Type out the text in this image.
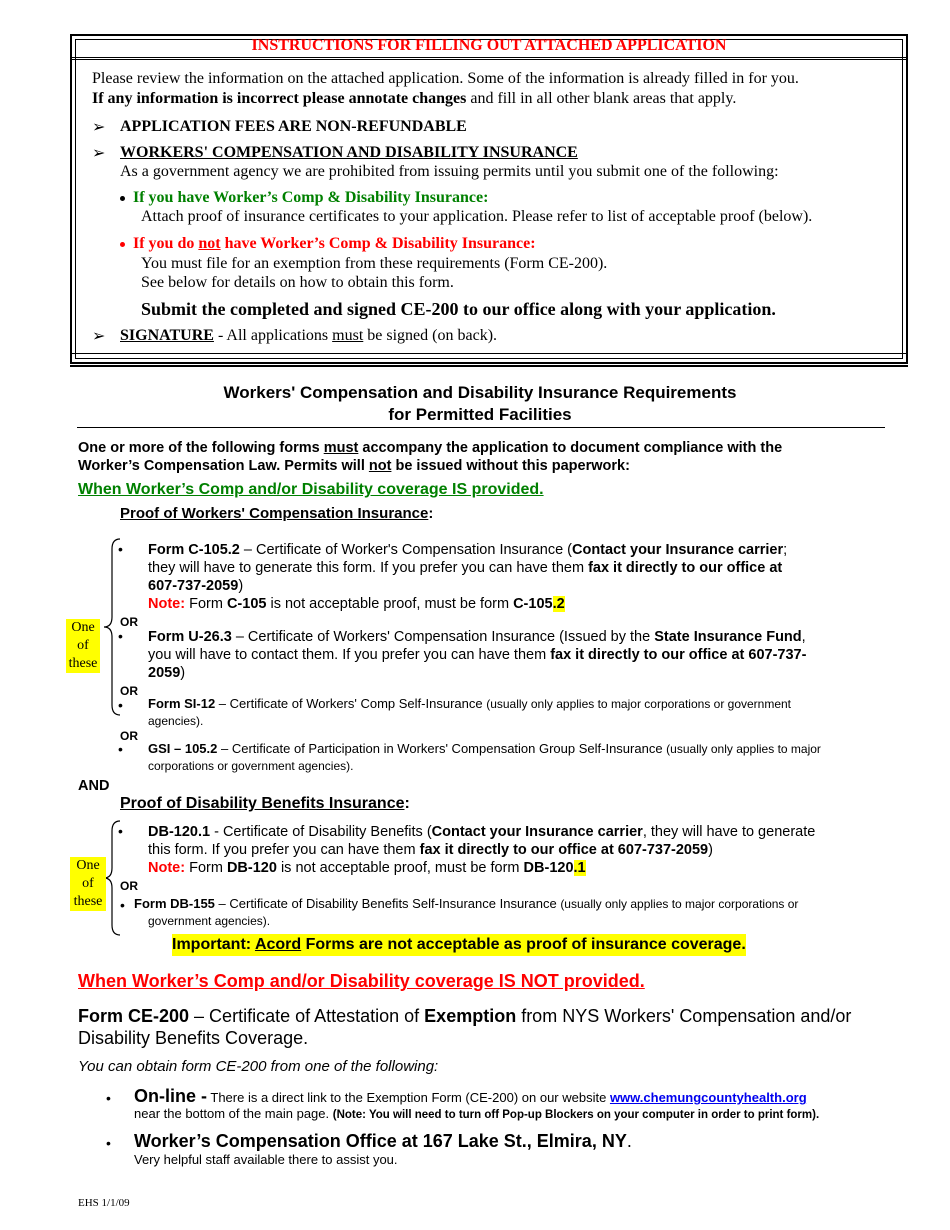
INSTRUCTIONS FOR FILLING OUT ATTACHED APPLICATION
Please review the information on the attached application. Some of the information is already filled in for you.
If any information is incorrect please annotate changes and fill in all other blank areas that apply.
➢ APPLICATION FEES ARE NON-REFUNDABLE
➢ WORKERS' COMPENSATION AND DISABILITY INSURANCE
As a government agency we are prohibited from issuing permits until you submit one of the following:
If you have Worker’s Comp & Disability Insurance:
Attach proof of insurance certificates to your application. Please refer to list of acceptable proof (below).
If you do not have Worker’s Comp & Disability Insurance:
You must file for an exemption from these requirements (Form CE-200).
See below for details on how to obtain this form.
Submit the completed and signed CE-200 to our office along with your application.
➢ SIGNATURE - All applications must be signed (on back).
Workers' Compensation and Disability Insurance Requirements
for Permitted Facilities
One or more of the following forms must accompany the application to document compliance with the
Worker’s Compensation Law. Permits will not be issued without this paperwork:
When Worker’s Comp and/or Disability coverage IS provided.
Proof of Workers' Compensation Insurance:
One
of
these
• Form C-105.2 – Certificate of Worker's Compensation Insurance (Contact your Insurance carrier;
they will have to generate this form. If you prefer you can have them fax it directly to our office at
607-737-2059)
Note: Form C-105 is not acceptable proof, must be form C-105.2
OR
• Form U-26.3 – Certificate of Workers' Compensation Insurance (Issued by the State Insurance Fund,
you will have to contact them. If you prefer you can have them fax it directly to our office at 607-737-
2059)
OR
• Form SI-12 – Certificate of Workers' Comp Self-Insurance (usually only applies to major corporations or government
agencies).
OR
• GSI – 105.2 – Certificate of Participation in Workers' Compensation Group Self-Insurance (usually only applies to major
corporations or government agencies).
AND
Proof of Disability Benefits Insurance:
One
of
these
• DB-120.1 - Certificate of Disability Benefits (Contact your Insurance carrier, they will have to generate
this form. If you prefer you can have them fax it directly to our office at 607-737-2059)
Note: Form DB-120 is not acceptable proof, must be form DB-120.1
OR
• Form DB-155 – Certificate of Disability Benefits Self-Insurance Insurance (usually only applies to major corporations or
government agencies).
Important: Acord Forms are not acceptable as proof of insurance coverage.
When Worker’s Comp and/or Disability coverage IS NOT provided.
Form CE-200 – Certificate of Attestation of Exemption from NYS Workers' Compensation and/or
Disability Benefits Coverage.
You can obtain form CE-200 from one of the following:
• On-line - There is a direct link to the Exemption Form (CE-200) on our website www.chemungcountyhealth.org
near the bottom of the main page. (Note: You will need to turn off Pop-up Blockers on your computer in order to print form).
• Worker’s Compensation Office at 167 Lake St., Elmira, NY.
Very helpful staff available there to assist you.
EHS 1/1/09
